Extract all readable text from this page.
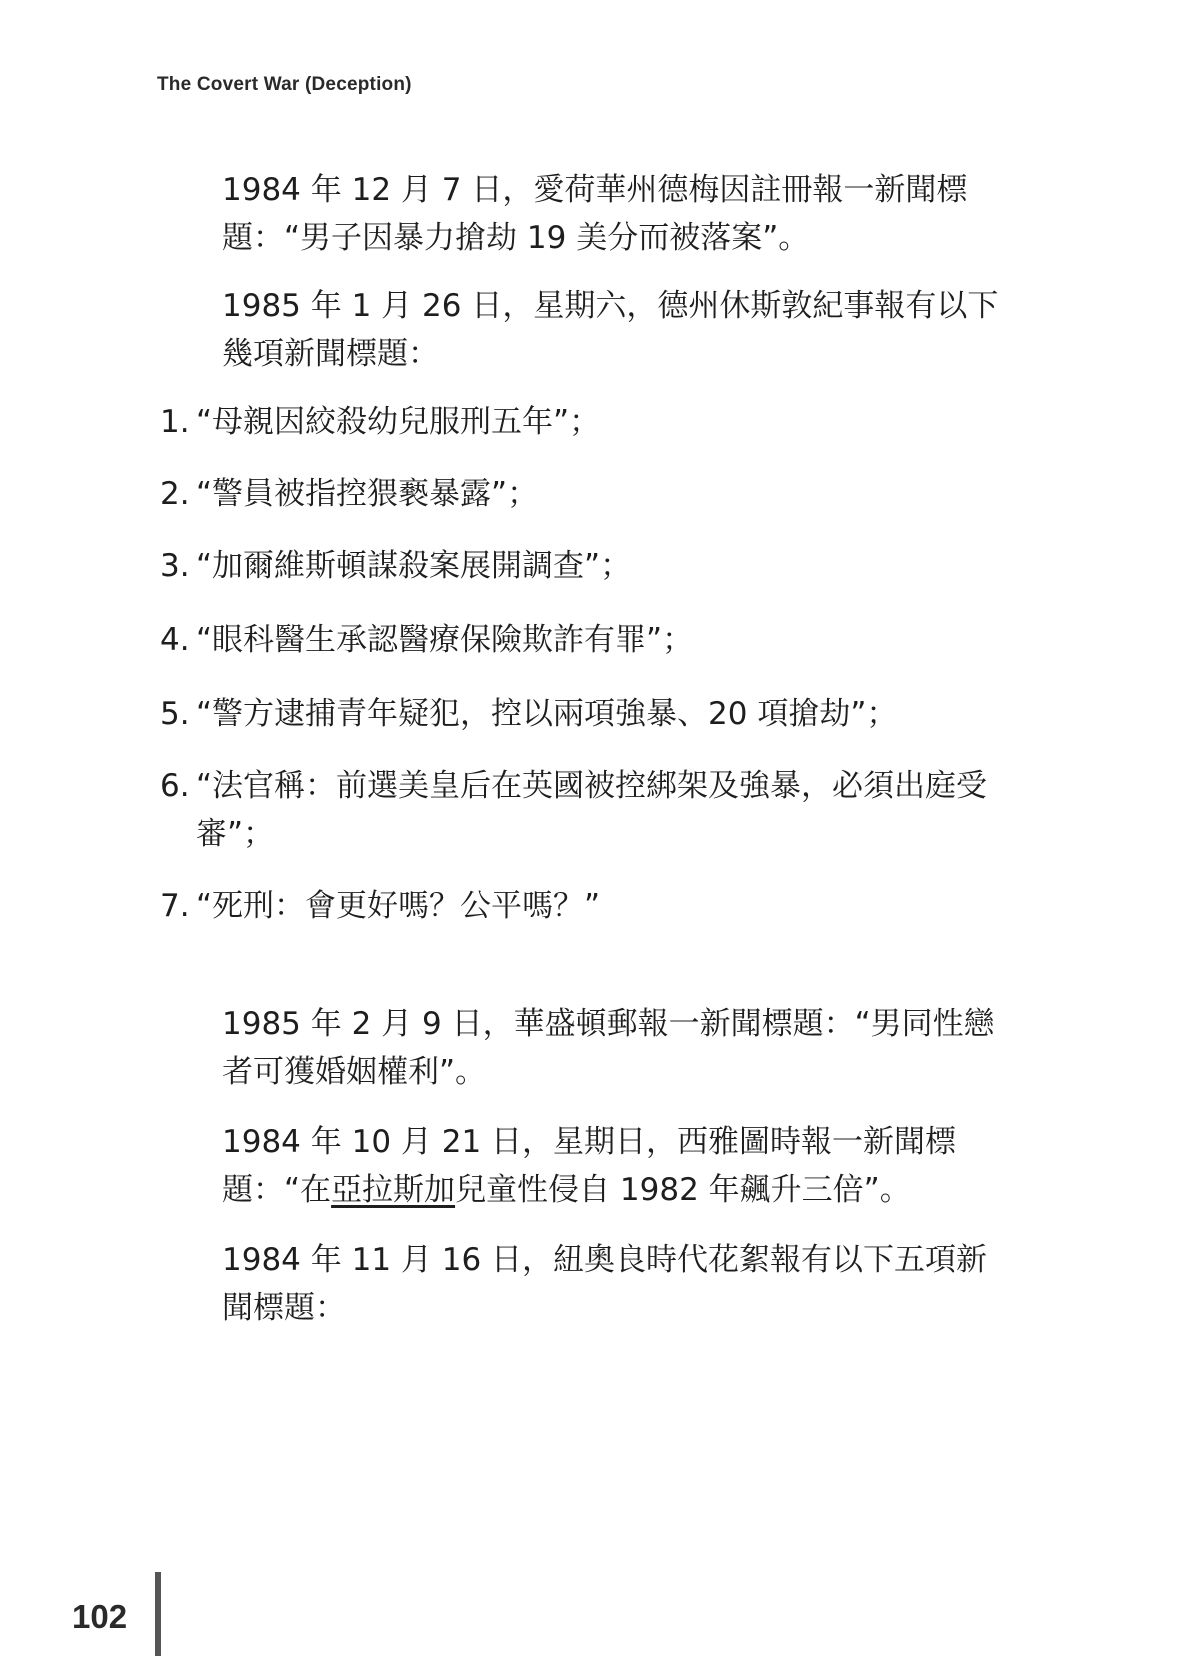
The Covert War (Deception)

1984 年 12 月 7 日，愛荷華州德梅因註冊報一新聞標題：“男子因暴力搶劫 19 美分而被落案”。

1985 年 1 月 26 日，星期六，德州休斯敦紀事報有以下幾項新聞標題：

1. “母親因絞殺幼兒服刑五年”；
2. “警員被指控猥褻暴露”；
3. “加爾維斯頓謀殺案展開調查”；
4. “眼科醫生承認醫療保險欺詐有罪”；
5. “警方逮捕青年疑犯，控以兩項強暴、20 項搶劫”；
6. “法官稱：前選美皇后在英國被控綁架及強暴，必須出庭受審”；
7. “死刑：會更好嗎？公平嗎？”

1985 年 2 月 9 日，華盛頓郵報一新聞標題：“男同性戀者可獲婚姻權利”。

1984 年 10 月 21 日，星期日，西雅圖時報一新聞標題：“在亞拉斯加兒童性侵自 1982 年飆升三倍”。

1984 年 11 月 16 日，紐奧良時代花絮報有以下五項新聞標題：

102
